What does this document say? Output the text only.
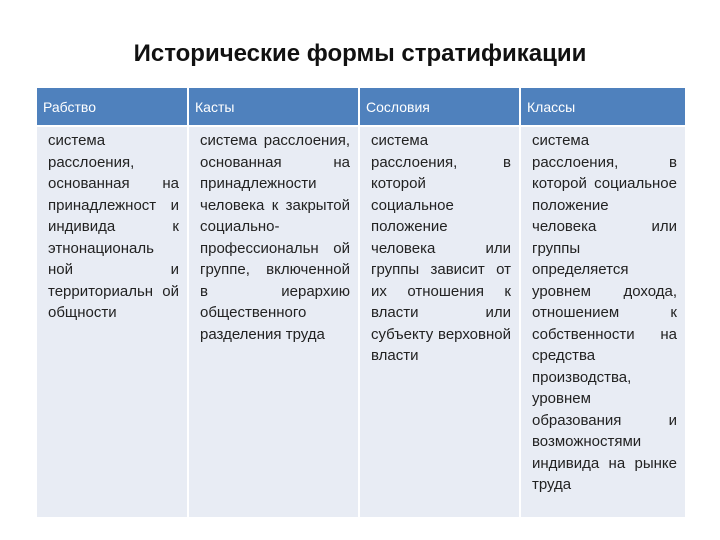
Исторические формы стратификации
Рабство	Касты	Сословия	Классы
система расслоения, основанная на принадлежност и индивида к этнонациональ ной и территориальн ой общности	система расслоения, основанная на принадлежности человека к закрытой социально- профессиональн ой группе, включенной в иерархию общественного разделения труда	система расслоения, в которой социальное положение человека или группы зависит от их отношения к власти или субъекту верховной власти	система расслоения, в которой социальное положение человека или группы определяется уровнем дохода, отношением к собственности на средства производства, уровнем образования и возможностями индивида на рынке труда
